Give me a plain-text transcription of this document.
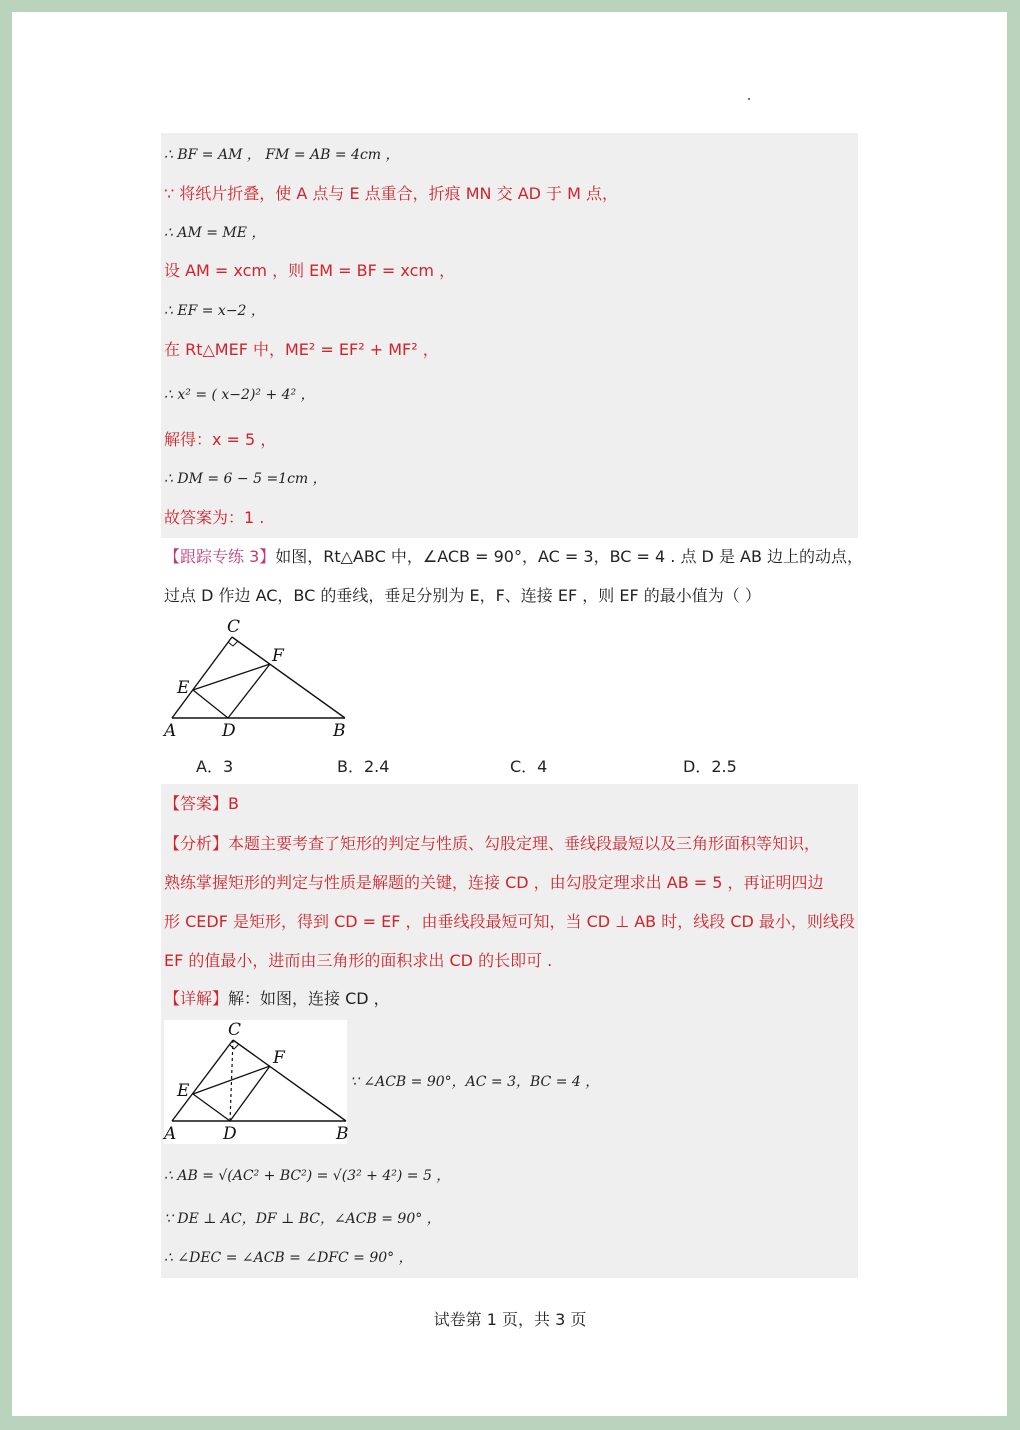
∴ BF = AM ， FM = AB = 4cm ，
∵ 将纸片折叠，使 A 点与 E 点重合，折痕 MN 交 AD 于 M 点，
∴ AM = ME ，
设 AM = xcm ，则 EM = BF = xcm ，
∴ EF = x−2 ，
在 Rt△MEF 中，ME² = EF² + MF² ，
∴ x² = ( x−2)² + 4² ，
解得：x = 5 ，
∴ DM = 6 − 5 =1cm ，
故答案为：1 .
【跟踪专练 3】如图，Rt△ABC 中，∠ACB = 90°，AC = 3，BC = 4 . 点 D 是 AB 边上的动点，
过点 D 作边 AC，BC 的垂线，垂足分别为 E，F、连接 EF ，则 EF 的最小值为（ ）
A	B
C
D
E
F
A．3	B．2.4	C．4	D．2.5
【答案】B
【分析】本题主要考查了矩形的判定与性质、勾股定理、垂线段最短以及三角形面积等知识，
熟练掌握矩形的判定与性质是解题的关键，连接 CD ，由勾股定理求出 AB = 5 ，再证明四边
形 CEDF 是矩形，得到 CD = EF ，由垂线段最短可知，当 CD ⊥ AB 时，线段 CD 最小，则线段
EF 的值最小，进而由三角形的面积求出 CD 的长即可 .
【详解】解：如图，连接 CD ，
A	B
C
D
E
F
∵ ∠ACB = 90°，AC = 3，BC = 4 ，
∴ AB = √(AC² + BC²) = √(3² + 4²) = 5 ，
∵ DE ⊥ AC，DF ⊥ BC，∠ACB = 90° ，
∴ ∠DEC = ∠ACB = ∠DFC = 90° ，
试卷第 1 页，共 3 页
